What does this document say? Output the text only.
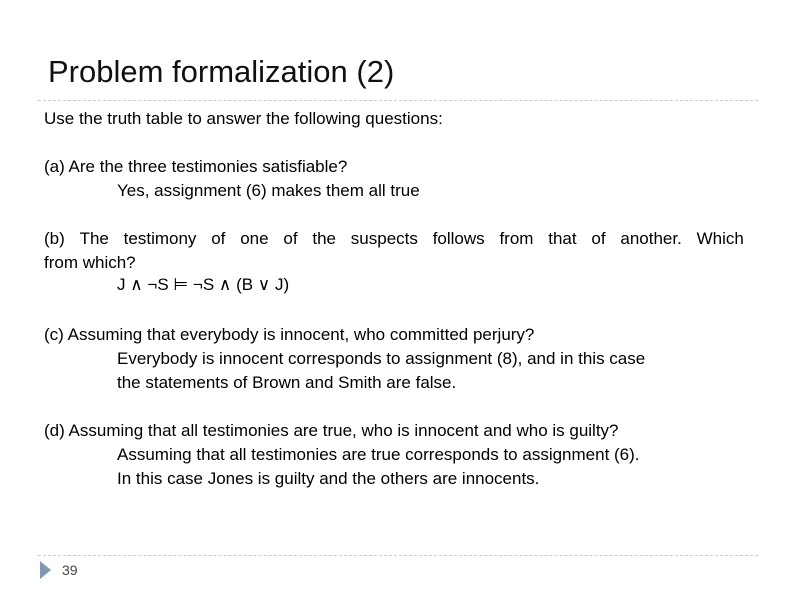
Problem formalization (2)
Use the truth table to answer the following questions:
(a) Are the three testimonies satisfiable?
Yes, assignment (6) makes them all true
(b) The testimony of one of the suspects follows from that of another. Which
from which?
J ∧ ¬S ⊨ ¬S ∧ (B ∨ J)
(c) Assuming that everybody is innocent, who committed perjury?
Everybody is innocent corresponds to assignment (8), and in this case
the statements of Brown and Smith are false.
(d) Assuming that all testimonies are true, who is innocent and who is guilty?
Assuming that all testimonies are true corresponds to assignment (6).
In this case Jones is guilty and the others are innocents.
39
